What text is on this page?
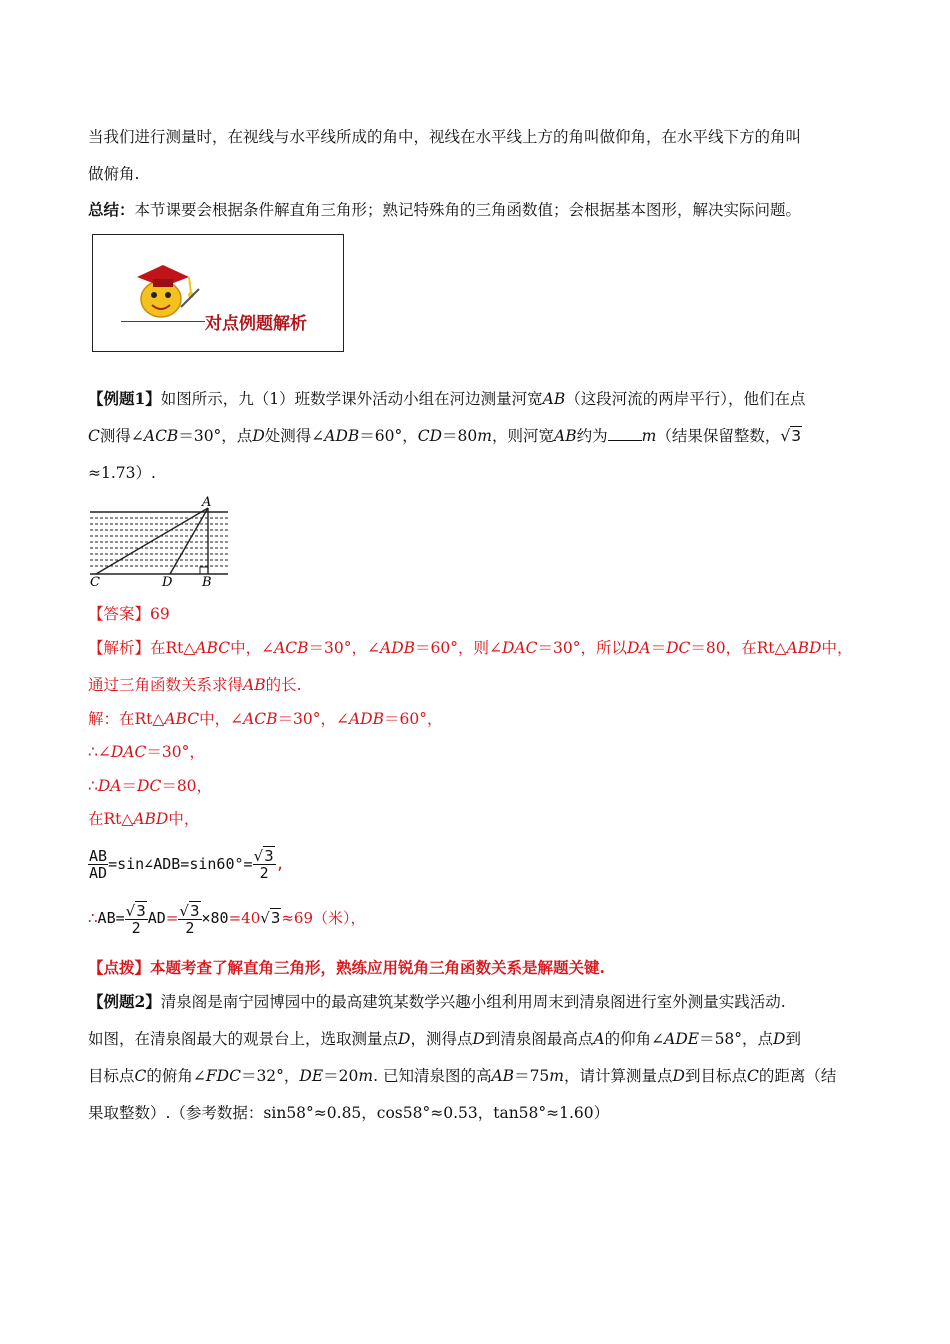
当我们进行测量时，在视线与水平线所成的角中，视线在水平线上方的角叫做仰角，在水平线下方的角叫
做俯角.
总结：本节课要会根据条件解直角三角形；熟记特殊角的三角函数值；会根据基本图形，解决实际问题。
对点例题解析
【例题1】如图所示，九（1）班数学课外活动小组在河边测量河宽AB（这段河流的两岸平行），他们在点
C测得∠ACB＝30°，点D处测得∠ADB＝60°，CD＝80m，则河宽AB约为 m（结果保留整数，√3
≈1.73）.
A
B
C	D
【答案】69
【解析】在Rt△ABC中，∠ACB＝30°，∠ADB＝60°，则∠DAC＝30°，所以DA＝DC＝80，在Rt△ABD中，
通过三角函数关系求得AB的长.
解：在Rt△ABC中，∠ACB＝30°，∠ADB＝60°，
∴∠DAC＝30°，
∴DA＝DC＝80，
在Rt△ABD中，
$\frac{AB}{AD}$ =sin∠ADB=sin60°= $\frac{√3}{2}$ ,
∴AB= $\frac{√3}{2} AD= \frac{√3}{2} \times 80=40√3\approx 69$（米），
【点拨】本题考查了解直角三角形，熟练应用锐角三角函数关系是解题关键.
【例题2】清泉阁是南宁园博园中的最高建筑某数学兴趣小组利用周末到清泉阁进行室外测量实践活动.
如图，在清泉阁最大的观景台上，选取测量点D，测得点D到清泉阁最高点A的仰角∠ADE＝58°，点D到
目标点C的俯角∠FDC＝32°，DE＝20m. 已知清泉图的高AB＝75m，请计算测量点D到目标点C的距离（结
果取整数）.（参考数据：sin58°≈0.85，cos58°≈0.53，tan58°≈1.60）
